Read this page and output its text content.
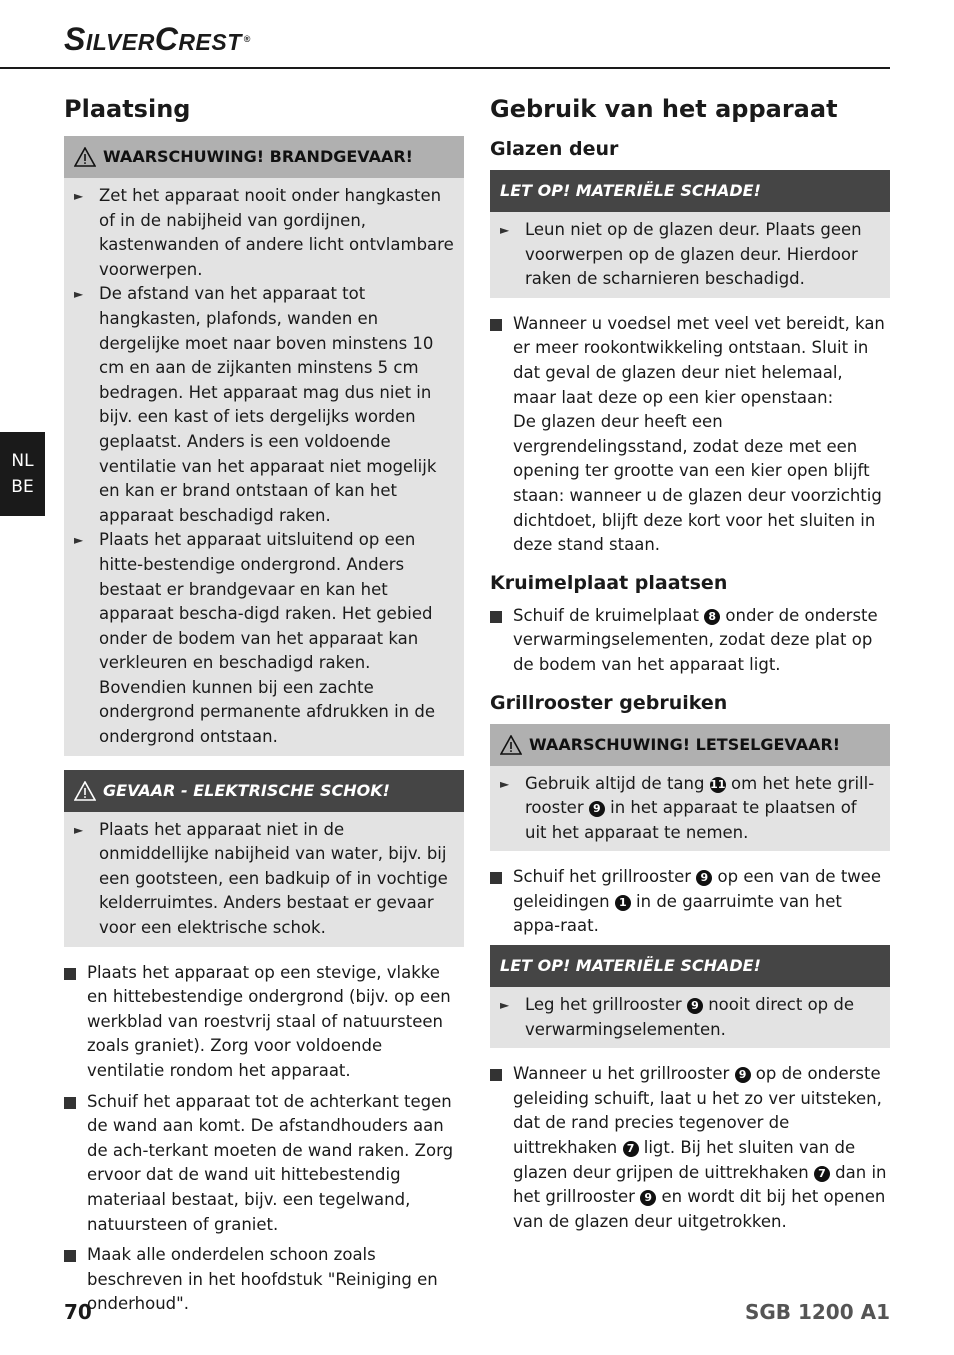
SILVERCREST ®
NL
BE
Plaatsing
WAARSCHUWING! BRANDGEVAAR!
► Zet het apparaat nooit onder hangkasten of in de nabijheid van gordijnen, kastenwanden of andere licht ontvlambare voorwerpen.
► De afstand van het apparaat tot hangkasten, plafonds, wanden en dergelijke moet naar boven minstens 10 cm en aan de zijkanten minstens 5 cm bedragen. Het apparaat mag dus niet in bijv. een kast of iets dergelijks worden geplaatst. Anders is een voldoende ventilatie van het apparaat niet mogelijk en kan er brand ontstaan of kan het apparaat beschadigd raken.
► Plaats het apparaat uitsluitend op een hitte-bestendige ondergrond. Anders bestaat er brandgevaar en kan het apparaat bescha-digd raken. Het gebied onder de bodem van het apparaat kan verkleuren en beschadigd raken. Bovendien kunnen bij een zachte ondergrond permanente afdrukken in de ondergrond ontstaan.
GEVAAR - ELEKTRISCHE SCHOK!
► Plaats het apparaat niet in de onmiddellijke nabijheid van water, bijv. bij een gootsteen, een badkuip of in vochtige kelderruimtes. Anders bestaat er gevaar voor een elektrische schok.

Plaats het apparaat op een stevige, vlakke en hittebestendige ondergrond (bijv. op een werkblad van roestvrij staal of natuursteen zoals graniet). Zorg voor voldoende ventilatie rondom het apparaat.

Schuif het apparaat tot de achterkant tegen de wand aan komt. De afstandhouders aan de ach-terkant moeten de wand raken. Zorg ervoor dat de wand uit hittebestendig materiaal bestaat, bijv. een tegelwand, natuursteen of graniet.

Maak alle onderdelen schoon zoals beschreven in het hoofdstuk "Reiniging en onderhoud".

Gebruik van het apparaat
Glazen deur
LET OP! MATERIËLE SCHADE!
► Leun niet op de glazen deur. Plaats geen voorwerpen op de glazen deur. Hierdoor raken de scharnieren beschadigd.

Wanneer u voedsel met veel vet bereidt, kan er meer rookontwikkeling ontstaan. Sluit in dat geval de glazen deur niet helemaal, maar laat deze op een kier openstaan:

De glazen deur heeft een vergrendelingsstand, zodat deze met een opening ter grootte van een kier open blijft staan: wanneer u de glazen deur voorzichtig dichtdoet, blijft deze kort voor het sluiten in deze stand staan.

Kruimelplaat plaatsen

Schuif de kruimelplaat 8 onder de onderste verwarmingselementen, zodat deze plat op de bodem van het apparaat ligt.

Grillrooster gebruiken
WAARSCHUWING! LETSELGEVAAR!
► Gebruik altijd de tang 11 om het hete grill-rooster 9 in het apparaat te plaatsen of uit het apparaat te nemen.

Schuif het grillrooster 9 op een van de twee geleidingen 1 in de gaarruimte van het appa-raat.

LET OP! MATERIËLE SCHADE!
► Leg het grillrooster 9 nooit direct op de verwarmingselementen.

Wanneer u het grillrooster 9 op de onderste geleiding schuift, laat u het zo ver uitsteken, dat de rand precies tegenover de uittrekhaken 7 ligt. Bij het sluiten van de glazen deur grijpen de uittrekhaken 7 dan in het grillrooster 9 en wordt dit bij het openen van de glazen deur uitgetrokken.

70	SGB 1200 A1
